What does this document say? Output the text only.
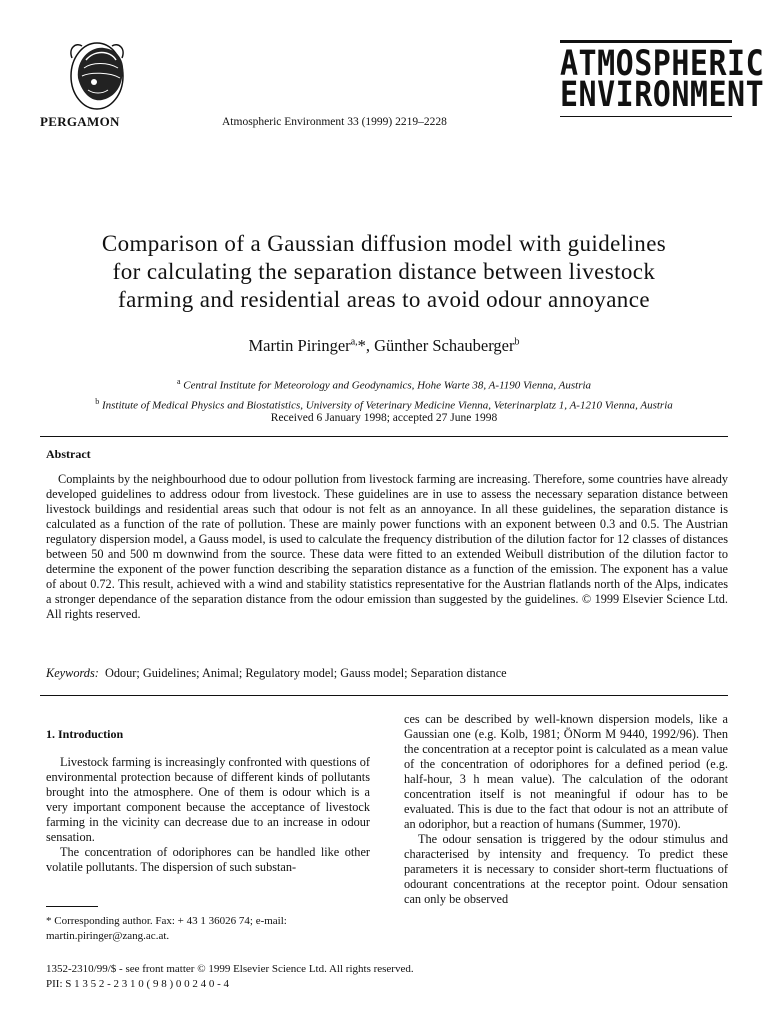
PERGAMON	Atmospheric Environment 33 (1999) 2219–2228
ATMOSPHERIC
ENVIRONMENT
Comparison of a Gaussian diffusion model with guidelines
for calculating the separation distance between livestock
farming and residential areas to avoid odour annoyance
Martin Piringer$^{a,}$*, Günther Schauberger$^b$
$^a$ Central Institute for Meteorology and Geodynamics, Hohe Warte 38, A-1190 Vienna, Austria
$^b$ Institute of Medical Physics and Biostatistics, University of Veterinary Medicine Vienna, Veterinarplatz 1, A-1210 Vienna, Austria
Received 6 January 1998; accepted 27 June 1998
Abstract
Complaints by the neighbourhood due to odour pollution from livestock farming are increasing. Therefore, some countries have already developed guidelines to address odour from livestock. These guidelines are in use to assess the necessary separation distance between livestock buildings and residential areas such that odour is not felt as an annoyance. In all these guidelines, the separation distance is calculated as a function of the rate of pollution. These are mainly power functions with an exponent between 0.3 and 0.5. The Austrian regulatory dispersion model, a Gauss model, is used to calculate the frequency distribution of the dilution factor for 12 classes of distances between 50 and 500 m downwind from the source. These data were fitted to an extended Weibull distribution of the dilution factor to determine the exponent of the power function describing the separation distance as a function of the emission. The exponent has a value of about 0.72. This result, achieved with a wind and stability statistics representative for the Austrian flatlands north of the Alps, indicates a stronger dependance of the separation distance from the odour emission than suggested by the guidelines. © 1999 Elsevier Science Ltd. All rights reserved.
Keywords: Odour; Guidelines; Animal; Regulatory model; Gauss model; Separation distance

1. Introduction

Livestock farming is increasingly confronted with questions of environmental protection because of different kinds of pollutants brought into the atmosphere. One of them is odour which is a very important component because the acceptance of livestock farming in the vicinity can decrease due to an increase in odour sensation.

The concentration of odoriphores can be handled like other volatile pollutants. The dispersion of such substan-

ces can be described by well-known dispersion models, like a Gaussian one (e.g. Kolb, 1981; ÖNorm M 9440, 1992/96). Then the concentration at a receptor point is calculated as a mean value of the concentration of odoriphores for a defined period (e.g. half-hour, 3 h mean value). The calculation of the odorant concentration itself is not meaningful if odour has to be evaluated. This is due to the fact that odour is not an attribute of an odoriphor, but a reaction of humans (Summer, 1970).

The odour sensation is triggered by the odour stimulus and characterised by intensity and frequency. To predict these parameters it is necessary to consider short-term fluctuations of odourant concentrations at the receptor point. Odour sensation can only be observed

* Corresponding author. Fax: + 43 1 36026 74; e-mail: martin.piringer@zang.ac.at.
1352-2310/99/$ - see front matter © 1999 Elsevier Science Ltd. All rights reserved.
PII: S 1 3 5 2 - 2 3 1 0 ( 9 8 ) 0 0 2 4 0 - 4
